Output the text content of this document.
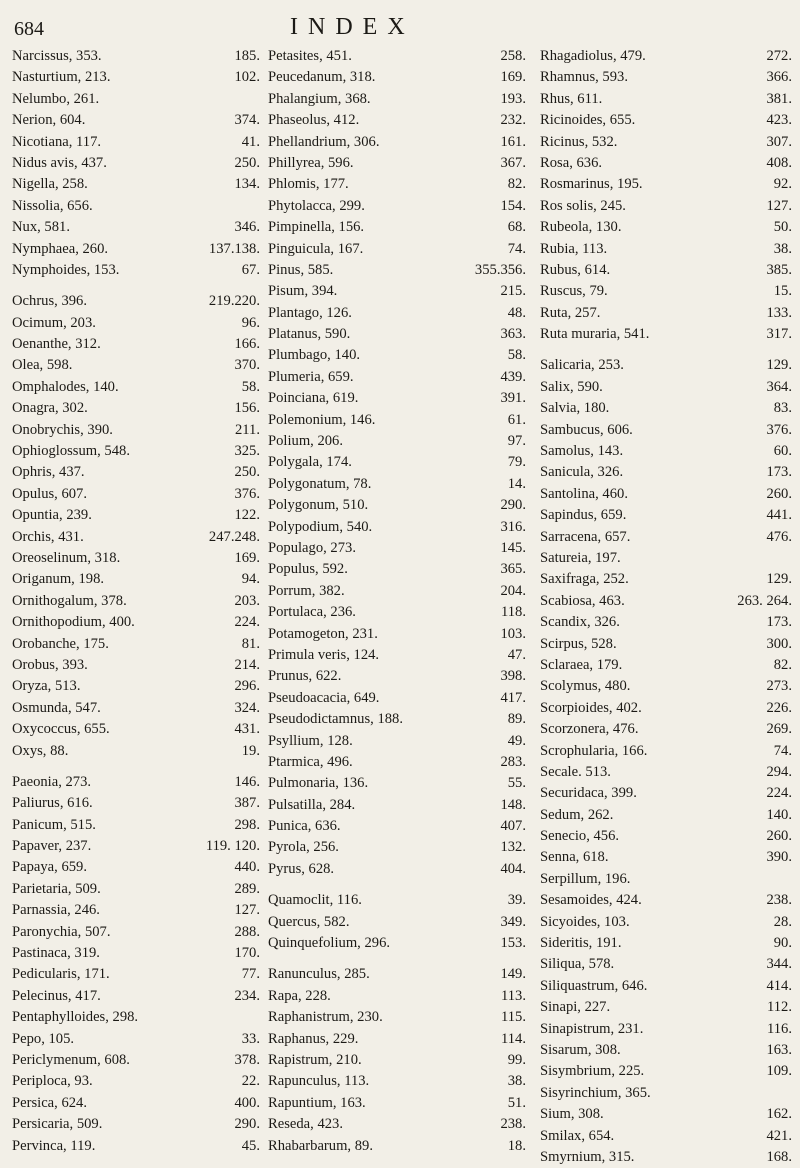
684	INDEX
Narcissus, 353.	185.
Nasturtium, 213.	102.
Nelumbo, 261.
Nerion, 604.	374.
Nicotiana, 117.	41.
Nidus avis, 437.	250.
Nigella, 258.	134.
Nissolia, 656.
Nux, 581.	346.
Nymphaea, 260.	137.138.
Nymphoides, 153.	67.
Ochrus, 396.	219.220.
Ocimum, 203.	96.
Oenanthe, 312.	166.
Olea, 598.	370.
Omphalodes, 140.	58.
Onagra, 302.	156.
Onobrychis, 390.	211.
Ophioglossum, 548.	325.
Ophris, 437.	250.
Opulus, 607.	376.
Opuntia, 239.	122.
Orchis, 431.	247.248.
Oreoselinum, 318.	169.
Origanum, 198.	94.
Ornithogalum, 378.	203.
Ornithopodium, 400.	224.
Orobanche, 175.	81.
Orobus, 393.	214.
Oryza, 513.	296.
Osmunda, 547.	324.
Oxycoccus, 655.	431.
Oxys, 88.	19.
Paeonia, 273.	146.
Paliurus, 616.	387.
Panicum, 515.	298.
Papaver, 237.	119. 120.
Papaya, 659.	440.
Parietaria, 509.	289.
Parnassia, 246.	127.
Paronychia, 507.	288.
Pastinaca, 319.	170.
Pedicularis, 171.	77.
Pelecinus, 417.	234.
Pentaphylloides, 298.
Pepo, 105.	33.
Periclymenum, 608.	378.
Periploca, 93.	22.
Persica, 624.	400.
Persicaria, 509.	290.
Pervinca, 119.	45.
Petasites, 451.	258.
Peucedanum, 318.	169.
Phalangium, 368.	193.
Phaseolus, 412.	232.
Phellandrium, 306.	161.
Phillyrea, 596.	367.
Phlomis, 177.	82.
Phytolacca, 299.	154.
Pimpinella, 156.	68.
Pinguicula, 167.	74.
Pinus, 585.	355.356.
Pisum, 394.	215.
Plantago, 126.	48.
Platanus, 590.	363.
Plumbago, 140.	58.
Plumeria, 659.	439.
Poinciana, 619.	391.
Polemonium, 146.	61.
Polium, 206.	97.
Polygala, 174.	79.
Polygonatum, 78.	14.
Polygonum, 510.	290.
Polypodium, 540.	316.
Populago, 273.	145.
Populus, 592.	365.
Porrum, 382.	204.
Portulaca, 236.	118.
Potamogeton, 231.	103.
Primula veris, 124.	47.
Prunus, 622.	398.
Pseudoacacia, 649.	417.
Pseudodictamnus, 188.	89.
Psyllium, 128.	49.
Ptarmica, 496.	283.
Pulmonaria, 136.	55.
Pulsatilla, 284.	148.
Punica, 636.	407.
Pyrola, 256.	132.
Pyrus, 628.	404.
Quamoclit, 116.	39.
Quercus, 582.	349.
Quinquefolium, 296.	153.
Ranunculus, 285.	149.
Rapa, 228.	113.
Raphanistrum, 230.	115.
Raphanus, 229.	114.
Rapistrum, 210.	99.
Rapunculus, 113.	38.
Rapuntium, 163.	51.
Reseda, 423.	238.
Rhabarbarum, 89.	18.
Rhagadiolus, 479.	272.
Rhamnus, 593.	366.
Rhus, 611.	381.
Ricinoides, 655.	423.
Ricinus, 532.	307.
Rosa, 636.	408.
Rosmarinus, 195.	92.
Ros solis, 245.	127.
Rubeola, 130.	50.
Rubia, 113.	38.
Rubus, 614.	385.
Ruscus, 79.	15.
Ruta, 257.	133.
Ruta muraria, 541.	317.
Salicaria, 253.	129.
Salix, 590.	364.
Salvia, 180.	83.
Sambucus, 606.	376.
Samolus, 143.	60.
Sanicula, 326.	173.
Santolina, 460.	260.
Sapindus, 659.	441.
Sarracena, 657.	476.
Satureia, 197.
Saxifraga, 252.	129.
Scabiosa, 463.	263. 264.
Scandix, 326.	173.
Scirpus, 528.	300.
Sclaraea, 179.	82.
Scolymus, 480.	273.
Scorpioides, 402.	226.
Scorzonera, 476.	269.
Scrophularia, 166.	74.
Secale. 513.	294.
Securidaca, 399.	224.
Sedum, 262.	140.
Senecio, 456.	260.
Senna, 618.	390.
Serpillum, 196.
Sesamoides, 424.	238.
Sicyoides, 103.	28.
Sideritis, 191.	90.
Siliqua, 578.	344.
Siliquastrum, 646.	414.
Sinapi, 227.	112.
Sinapistrum, 231.	116.
Sisarum, 308.	163.
Sisymbrium, 225.	109.
Sisyrinchium, 365.
Sium, 308.	162.
Smilax, 654.	421.
Smyrnium, 315.	168.
